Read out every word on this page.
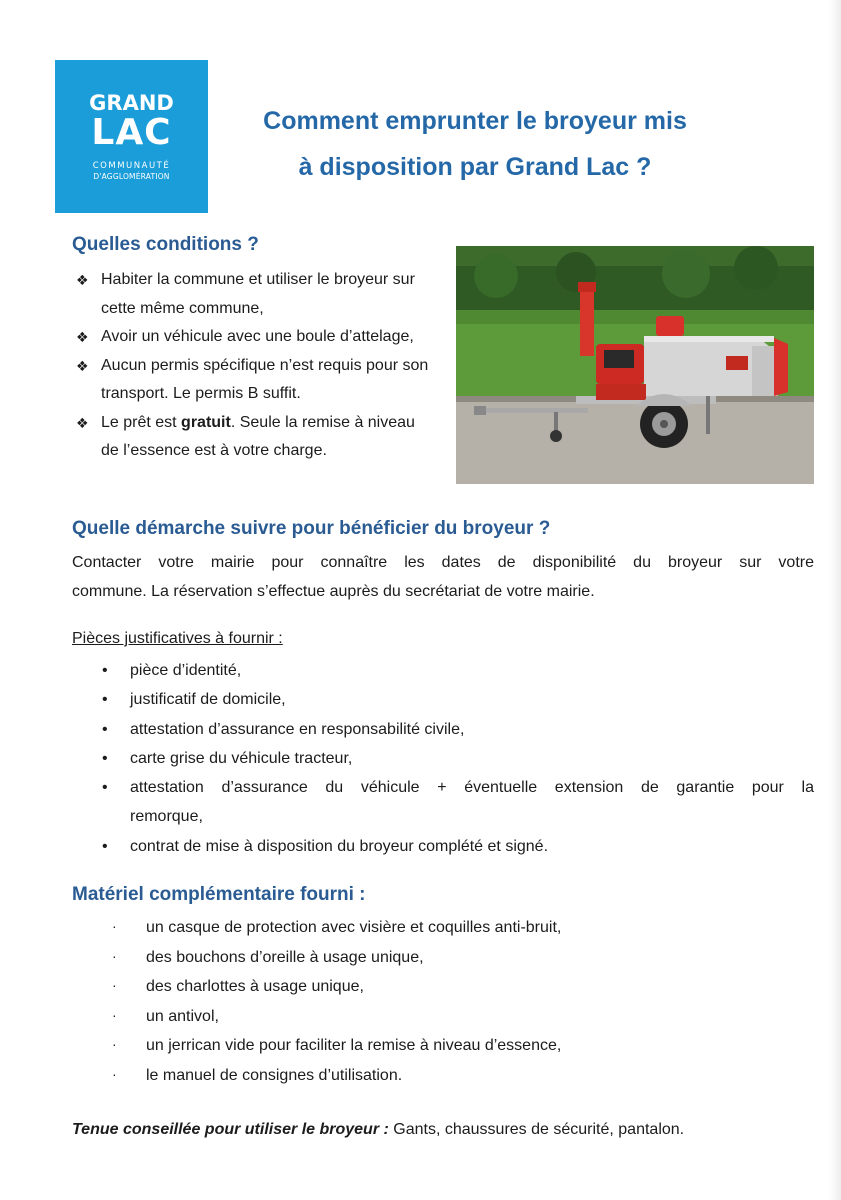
GRAND
LAC
COMMUNAUTÉ
D'AGGLOMÉRATION
Comment emprunter le broyeur mis
à disposition par Grand Lac ?
Quelles conditions ?
❖ Habiter la commune et utiliser le broyeur sur cette même commune,
❖ Avoir un véhicule avec une boule d’attelage,
❖ Aucun permis spécifique n’est requis pour son transport. Le permis B suffit.
❖ Le prêt est gratuit. Seule la remise à niveau de l’essence est à votre charge.
Quelle démarche suivre pour bénéficier du broyeur ?
Contacter votre mairie pour connaître les dates de disponibilité du broyeur sur votre
commune. La réservation s’effectue auprès du secrétariat de votre mairie.
Pièces justificatives à fournir :
• pièce d’identité,
• justificatif de domicile,
• attestation d’assurance en responsabilité civile,
• carte grise du véhicule tracteur,
• attestation d’assurance du véhicule + éventuelle extension de garantie pour la
remorque,
• contrat de mise à disposition du broyeur complété et signé.
Matériel complémentaire fourni :
· un casque de protection avec visière et coquilles anti-bruit,
· des bouchons d’oreille à usage unique,
· des charlottes à usage unique,
· un antivol,
· un jerrican vide pour faciliter la remise à niveau d’essence,
· le manuel de consignes d’utilisation.
Tenue conseillée pour utiliser le broyeur : Gants, chaussures de sécurité, pantalon.
